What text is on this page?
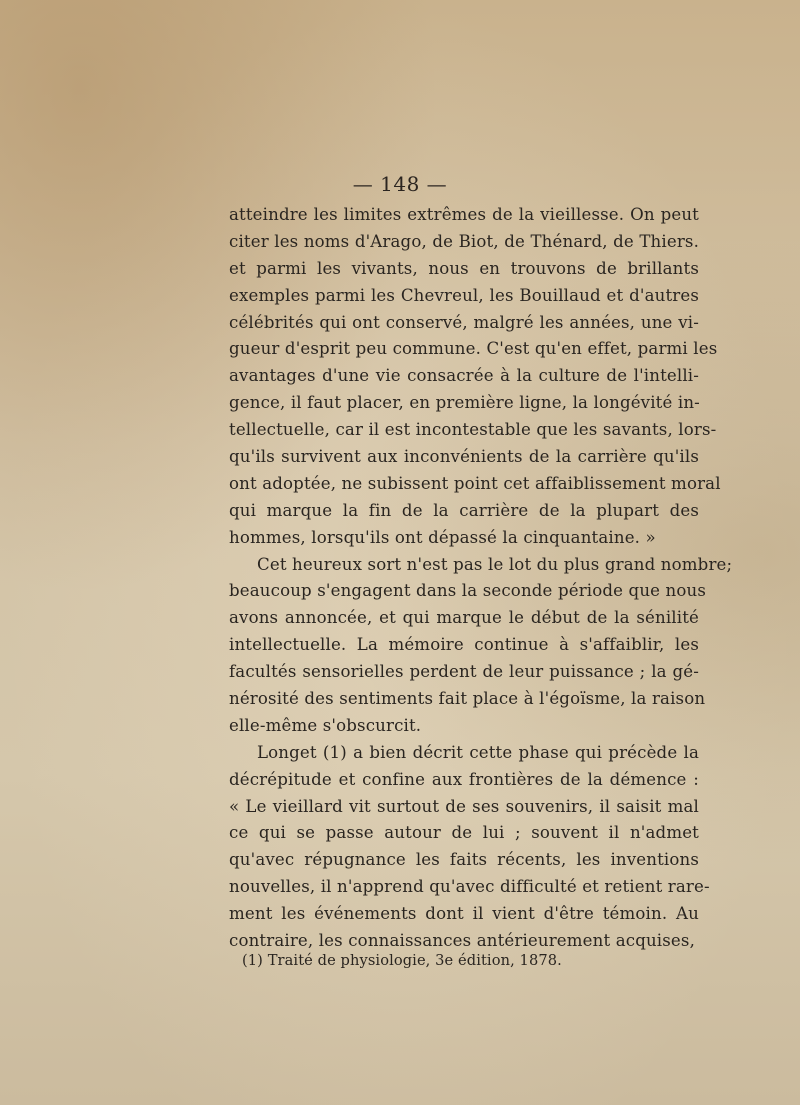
— 148 —
atteindre les limites extrêmes de la vieillesse. On peut
citer les noms d'Arago, de Biot, de Thénard, de Thiers.
et parmi les vivants, nous en trouvons de brillants
exemples parmi les Chevreul, les Bouillaud et d'autres
célébrités qui ont conservé, malgré les années, une vi-
gueur d'esprit peu commune. C'est qu'en effet, parmi les
avantages d'une vie consacrée à la culture de l'intelli-
gence, il faut placer, en première ligne, la longévité in-
tellectuelle, car il est incontestable que les savants, lors-
qu'ils survivent aux inconvénients de la carrière qu'ils
ont adoptée, ne subissent point cet affaiblissement moral
qui marque la fin de la carrière de la plupart des
hommes, lorsqu'ils ont dépassé la cinquantaine. »
Cet heureux sort n'est pas le lot du plus grand nombre;
beaucoup s'engagent dans la seconde période que nous
avons annoncée, et qui marque le début de la sénilité
intellectuelle. La mémoire continue à s'affaiblir, les
facultés sensorielles perdent de leur puissance ; la gé-
nérosité des sentiments fait place à l'égoïsme, la raison
elle-même s'obscurcit.
Longet (1) a bien décrit cette phase qui précède la
décrépitude et confine aux frontières de la démence :
« Le vieillard vit surtout de ses souvenirs, il saisit mal
ce qui se passe autour de lui ; souvent il n'admet
qu'avec répugnance les faits récents, les inventions
nouvelles, il n'apprend qu'avec difficulté et retient rare-
ment les événements dont il vient d'être témoin. Au
contraire, les connaissances antérieurement acquises,
(1) Traité de physiologie, 3e édition, 1878.
